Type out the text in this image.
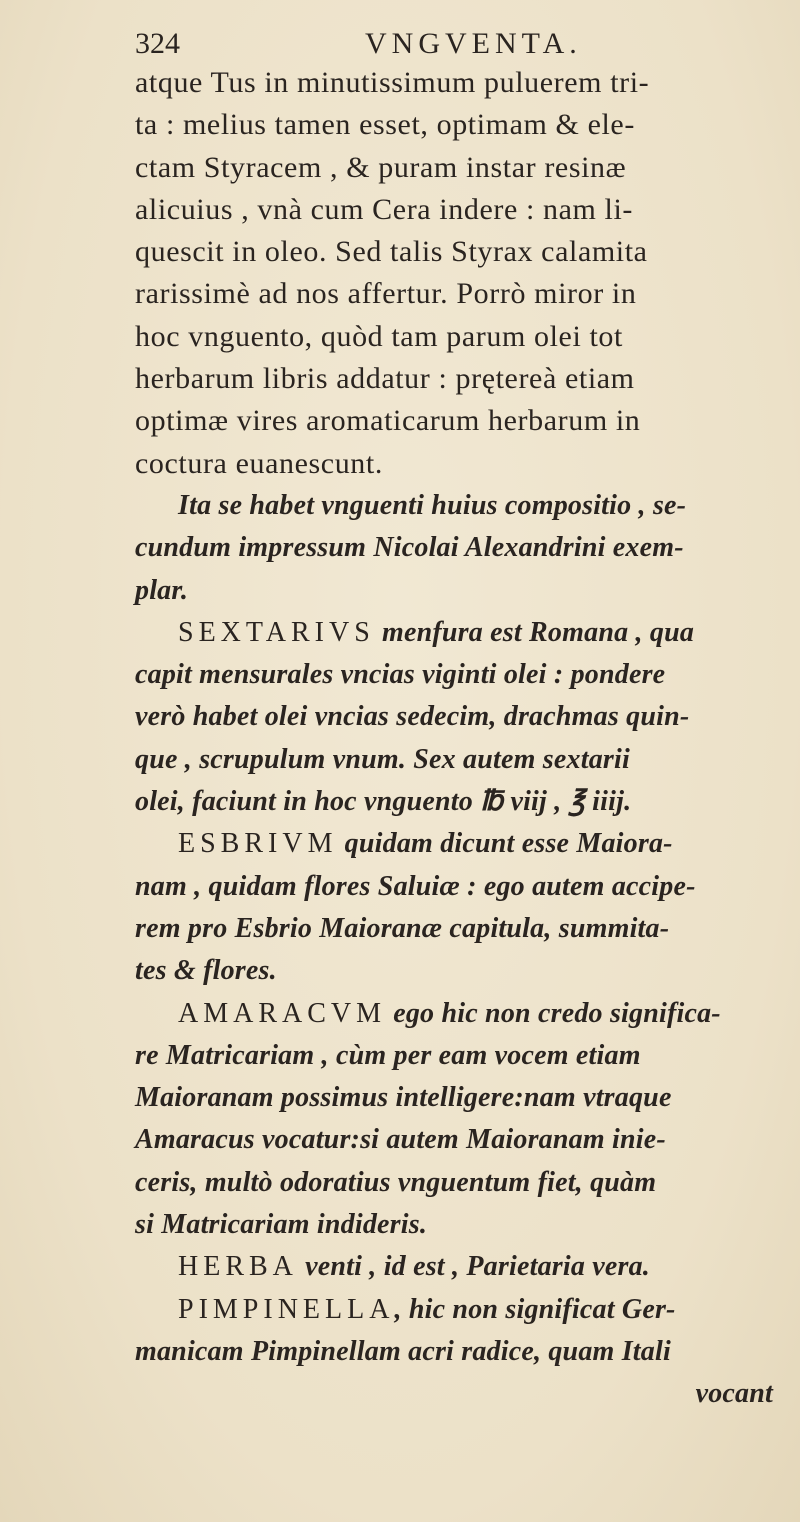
324	VNGVENTA.
atque Tus in minutissimum puluerem tri-
ta : melius tamen esset, optimam & ele-
ctam Styracem , & puram instar resinæ
alicuius , vnà cum Cera indere : nam li-
quescit in oleo. Sed talis Styrax calamita
rarissimè ad nos affertur. Porrò miror in
hoc vnguento, quòd tam parum olei tot
herbarum libris addatur : prętereà etiam
optimæ vires aromaticarum herbarum in
coctura euanescunt.
Ita se habet vnguenti huius compositio , se-
cundum impressum Nicolai Alexandrini exem-
plar.
SEXTARIVS menfura est Romana , qua
capit mensurales vncias viginti olei : pondere
verò habet olei vncias sedecim, drachmas quin-
que , scrupulum vnum. Sex autem sextarii
olei, faciunt in hoc vnguento ℔ viij , ℥ iiij.
ESBRIVM quidam dicunt esse Maiora-
nam , quidam flores Saluiæ : ego autem accipe-
rem pro Esbrio Maioranæ capitula, summita-
tes & flores.
AMARACVM ego hic non credo significa-
re Matricariam , cùm per eam vocem etiam
Maioranam possimus intelligere:nam vtraque
Amaracus vocatur:si autem Maioranam inie-
ceris, multò odoratius vnguentum fiet, quàm
si Matricariam indideris.
HERBA venti , id est , Parietaria vera.
PIMPINELLA, hic non significat Ger-
manicam Pimpinellam acri radice, quam Itali
vocant
